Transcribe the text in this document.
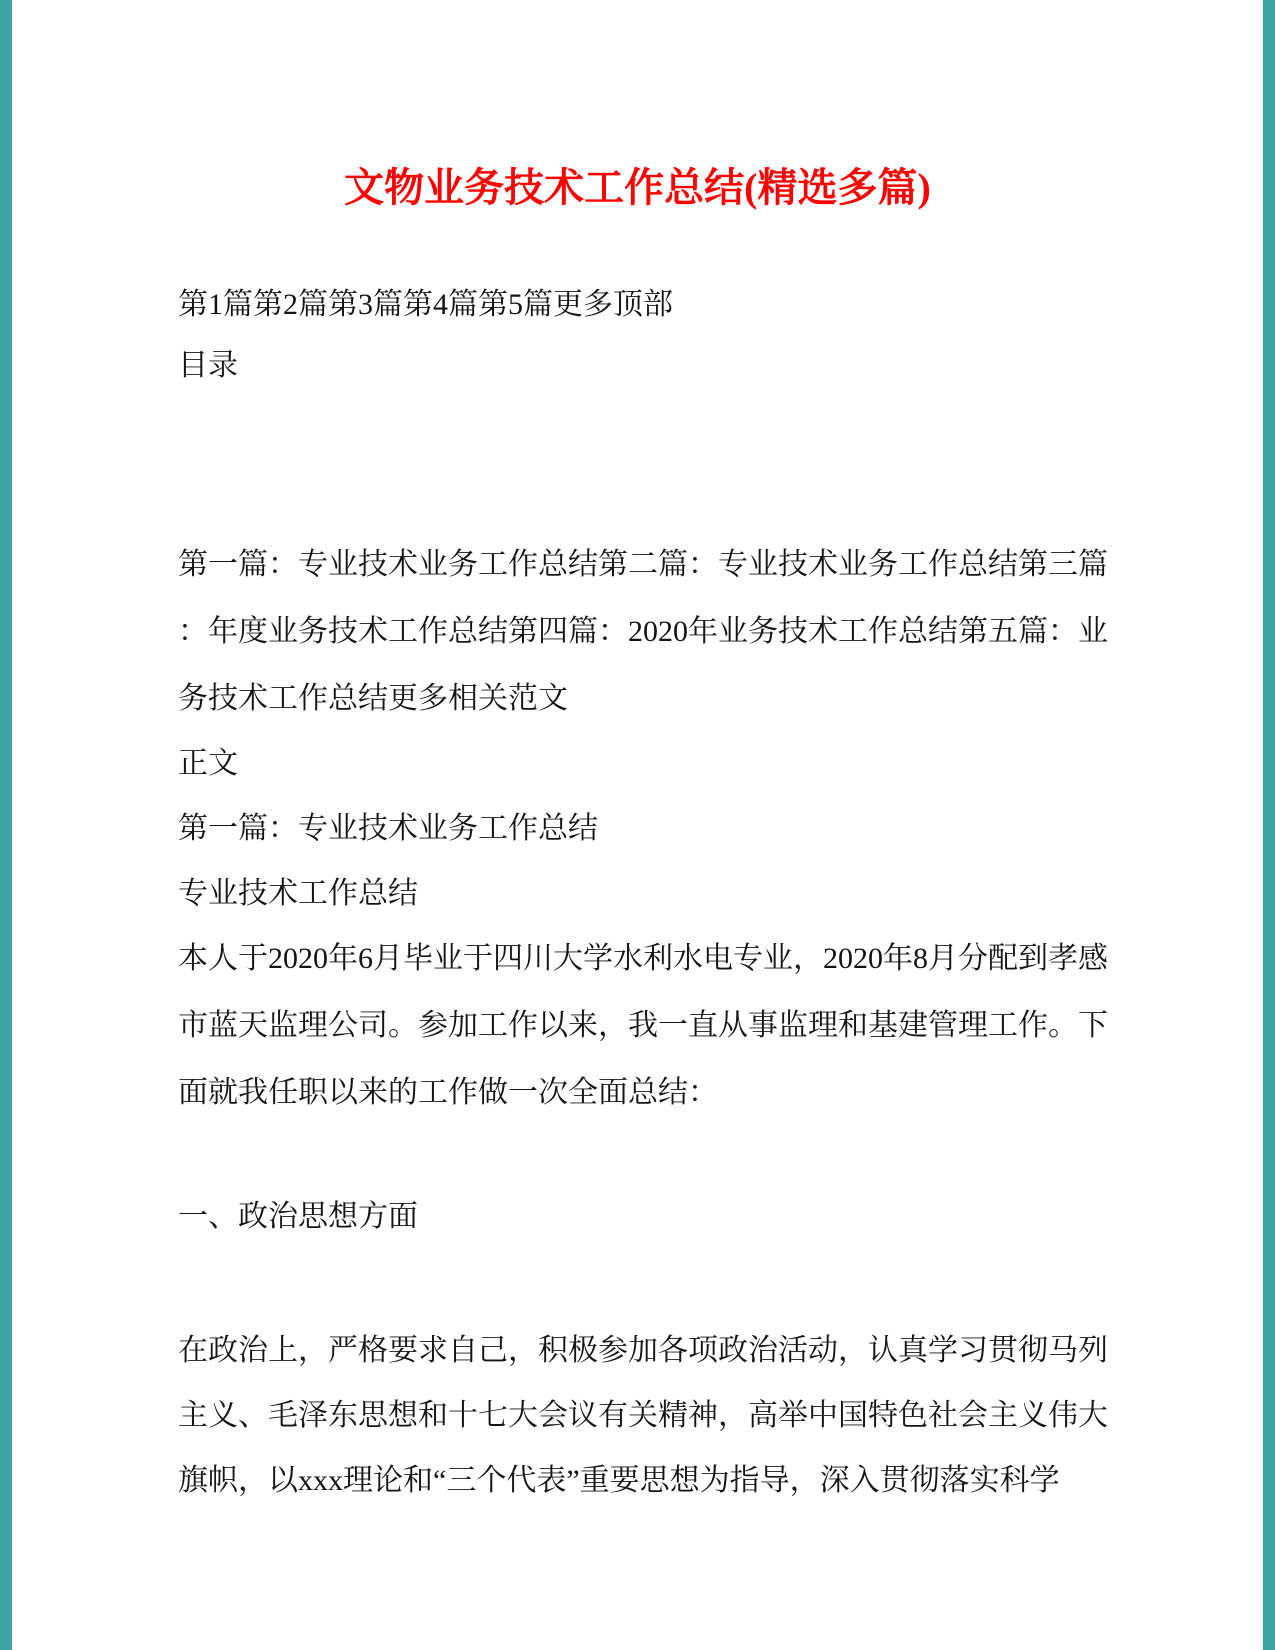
文物业务技术工作总结(精选多篇)
第1篇第2篇第3篇第4篇第5篇更多顶部
目录
第一篇：专业技术业务工作总结第二篇：专业技术业务工作总结第三篇
：年度业务技术工作总结第四篇：2020年业务技术工作总结第五篇：业
务技术工作总结更多相关范文
正文
第一篇：专业技术业务工作总结
专业技术工作总结
本人于2020年6月毕业于四川大学水利水电专业，2020年8月分配到孝感
市蓝天监理公司。参加工作以来，我一直从事监理和基建管理工作。下
面就我任职以来的工作做一次全面总结：
一、政治思想方面
在政治上，严格要求自己，积极参加各项政治活动，认真学习贯彻马列
主义、毛泽东思想和十七大会议有关精神，高举中国特色社会主义伟大
旗帜，以xxx理论和“三个代表”重要思想为指导，深入贯彻落实科学
